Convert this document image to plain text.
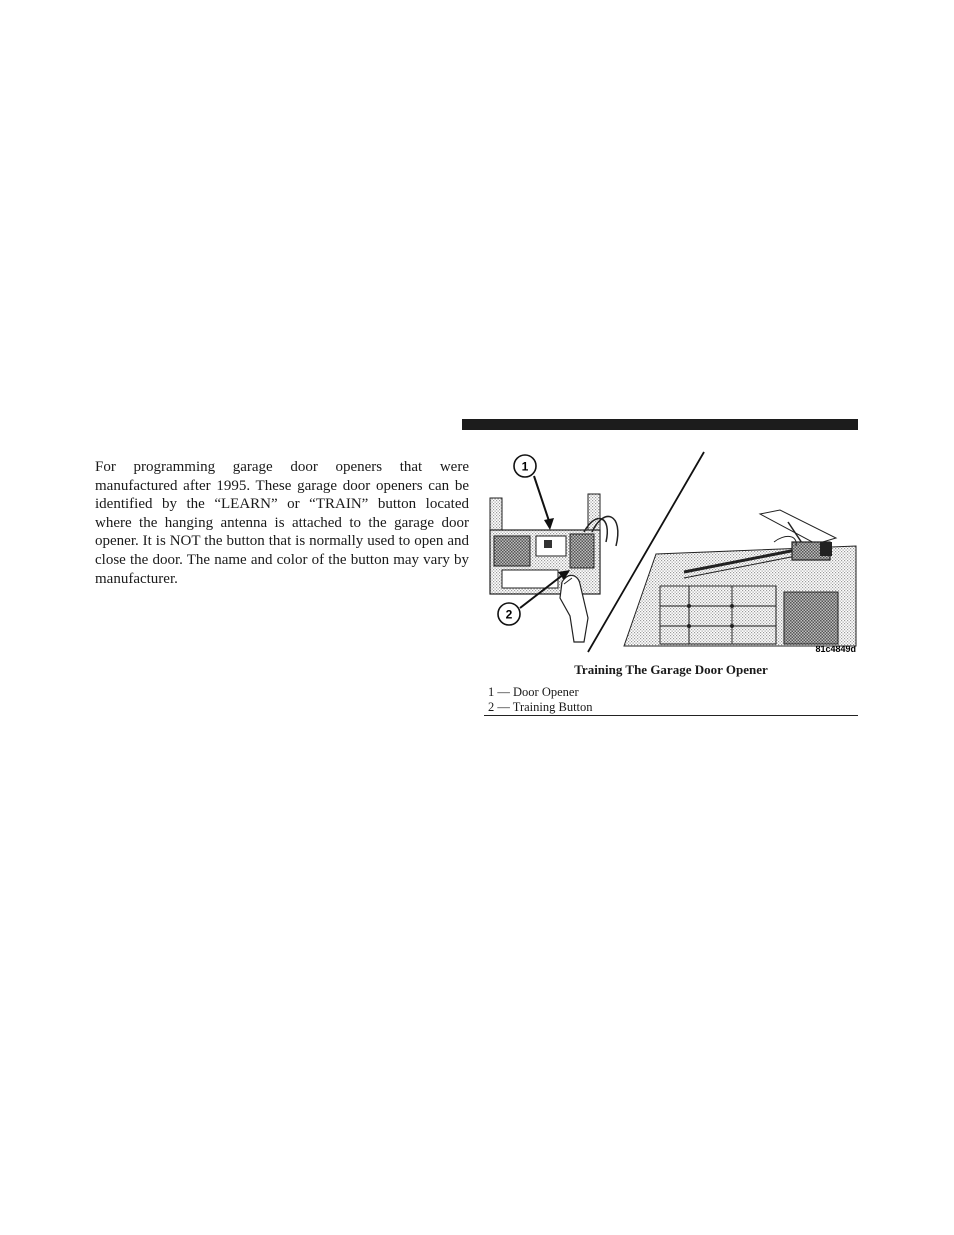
For programming garage door openers that were manufactured after 1995. These garage door openers can be identified by the “LEARN” or “TRAIN” button located where the hanging antenna is attached to the garage door opener. It is NOT the button that is normally used to open and close the door. The name and color of the button may vary by manufacturer.

1
2
81c4849d
Training The Garage Door Opener
1 — Door Opener
2 — Training Button
